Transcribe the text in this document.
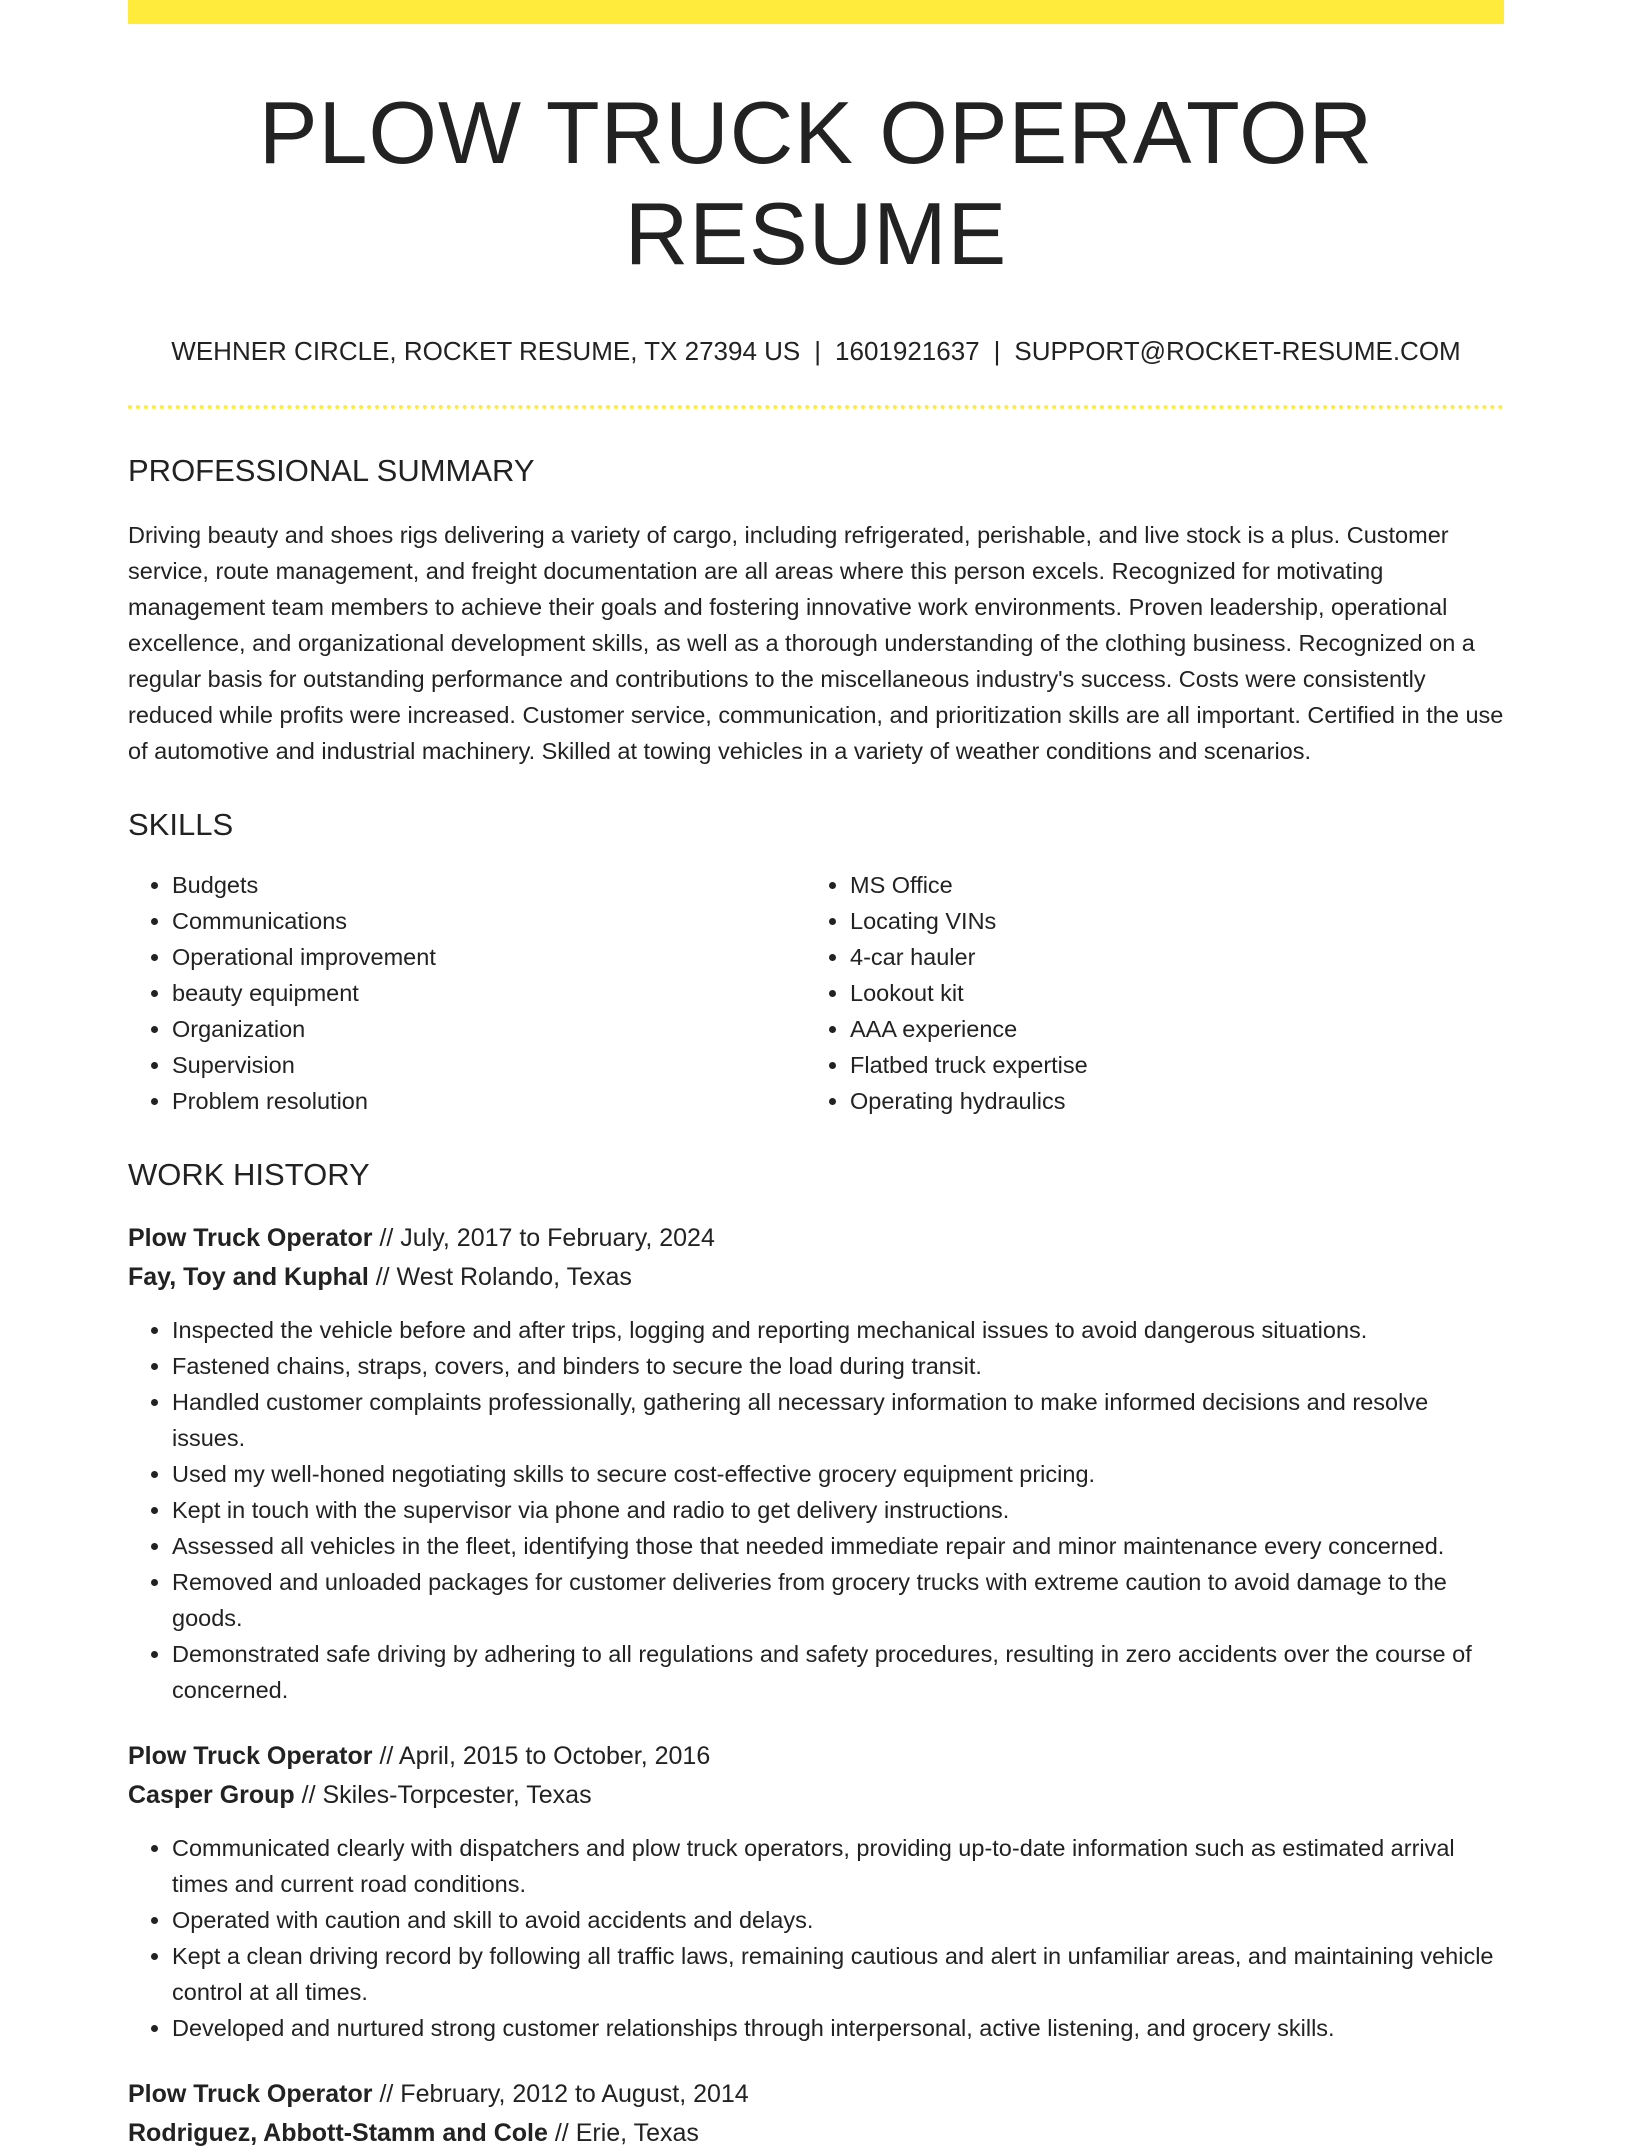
PLOW TRUCK OPERATOR RESUME
WEHNER CIRCLE, ROCKET RESUME, TX 27394 US | 1601921637 | SUPPORT@ROCKET-RESUME.COM
PROFESSIONAL SUMMARY

Driving beauty and shoes rigs delivering a variety of cargo, including refrigerated, perishable, and live stock is a plus. Customer service, route management, and freight documentation are all areas where this person excels. Recognized for motivating management team members to achieve their goals and fostering innovative work environments. Proven leadership, operational excellence, and organizational development skills, as well as a thorough understanding of the clothing business. Recognized on a regular basis for outstanding performance and contributions to the miscellaneous industry's success. Costs were consistently reduced while profits were increased. Customer service, communication, and prioritization skills are all important. Certified in the use of automotive and industrial machinery. Skilled at towing vehicles in a variety of weather conditions and scenarios.

SKILLS
• Budgets
• Communications
• Operational improvement
• beauty equipment
• Organization
• Supervision
• Problem resolution
• MS Office
• Locating VINs
• 4-car hauler
• Lookout kit
• AAA experience
• Flatbed truck expertise
• Operating hydraulics
WORK HISTORY

Plow Truck Operator // July, 2017 to February, 2024

Fay, Toy and Kuphal // West Rolando, Texas

• Inspected the vehicle before and after trips, logging and reporting mechanical issues to avoid dangerous situations.
• Fastened chains, straps, covers, and binders to secure the load during transit.
• Handled customer complaints professionally, gathering all necessary information to make informed decisions and resolve issues.
• Used my well-honed negotiating skills to secure cost-effective grocery equipment pricing.
• Kept in touch with the supervisor via phone and radio to get delivery instructions.
• Assessed all vehicles in the fleet, identifying those that needed immediate repair and minor maintenance every concerned.
• Removed and unloaded packages for customer deliveries from grocery trucks with extreme caution to avoid damage to the goods.
• Demonstrated safe driving by adhering to all regulations and safety procedures, resulting in zero accidents over the course of concerned.

Plow Truck Operator // April, 2015 to October, 2016

Casper Group // Skiles-Torpcester, Texas

• Communicated clearly with dispatchers and plow truck operators, providing up-to-date information such as estimated arrival times and current road conditions.
• Operated with caution and skill to avoid accidents and delays.
• Kept a clean driving record by following all traffic laws, remaining cautious and alert in unfamiliar areas, and maintaining vehicle control at all times.
• Developed and nurtured strong customer relationships through interpersonal, active listening, and grocery skills.

Plow Truck Operator // February, 2012 to August, 2014

Rodriguez, Abbott-Stamm and Cole // Erie, Texas
